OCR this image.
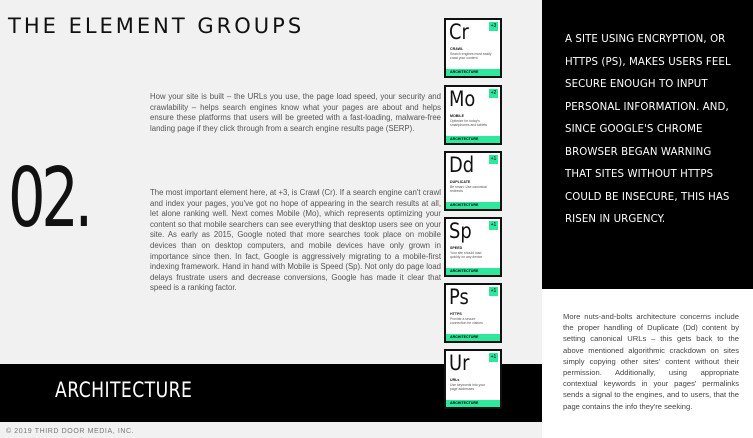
THE ELEMENT GROUPS
02.
How your site is built – the URLs you use, the page load speed, your security and crawlability – helps search engines know what your pages are about and helps ensure these platforms that users will be greeted with a fast-loading, malware-free landing page if they click through from a search engine results page (SERP).
The most important element here, at +3, is Crawl (Cr). If a search engine can't crawl and index your pages, you've got no hope of appearing in the search results at all, let alone ranking well. Next comes Mobile (Mo), which represents optimizing your content so that mobile searchers can see everything that desktop users see on your site. As early as 2015, Google noted that more searches took place on mobile devices than on desktop computers, and mobile devices have only grown in importance since then. In fact, Google is aggressively migrating to a mobile-first indexing framework. Hand in hand with Mobile is Speed (Sp). Not only do page load delays frustrate users and decrease conversions, Google has made it clear that speed is a ranking factor.
ARCHITECTURE
© 2019 THIRD DOOR MEDIA, INC.
A SITE USING ENCRYPTION, OR HTTPS (PS), MAKES USERS FEEL SECURE ENOUGH TO INPUT PERSONAL INFORMATION. AND, SINCE GOOGLE'S CHROME BROWSER BEGAN WARNING THAT SITES WITHOUT HTTPS COULD BE INSECURE, THIS HAS RISEN IN URGENCY.
More nuts-and-bolts architecture concerns include the proper handling of Duplicate (Dd) content by setting canonical URLs – this gets back to the above mentioned algorithmic crackdown on sites simply copying other sites' content without their permission. Additionally, using appropriate contextual keywords in your pages' permalinks sends a signal to the engines, and to users, that the page contains the info they're seeking.
+3
Cr
CRAWL
Search engines must easily crawl your content
ARCHITECTURE
+2
Mo
MOBILE
Optimize for today's smartphones and tablets
ARCHITECTURE
+1
Dd
DUPLICATE
Be smart: Use canonical redirects
ARCHITECTURE
+1
Sp
SPEED
Your site should load quickly on any device
ARCHITECTURE
+1
Ps
HTTPS
Provide a secure connection for visitors
ARCHITECTURE
+1
Ur
URLs
Use keywords into your page addresses
ARCHITECTURE
